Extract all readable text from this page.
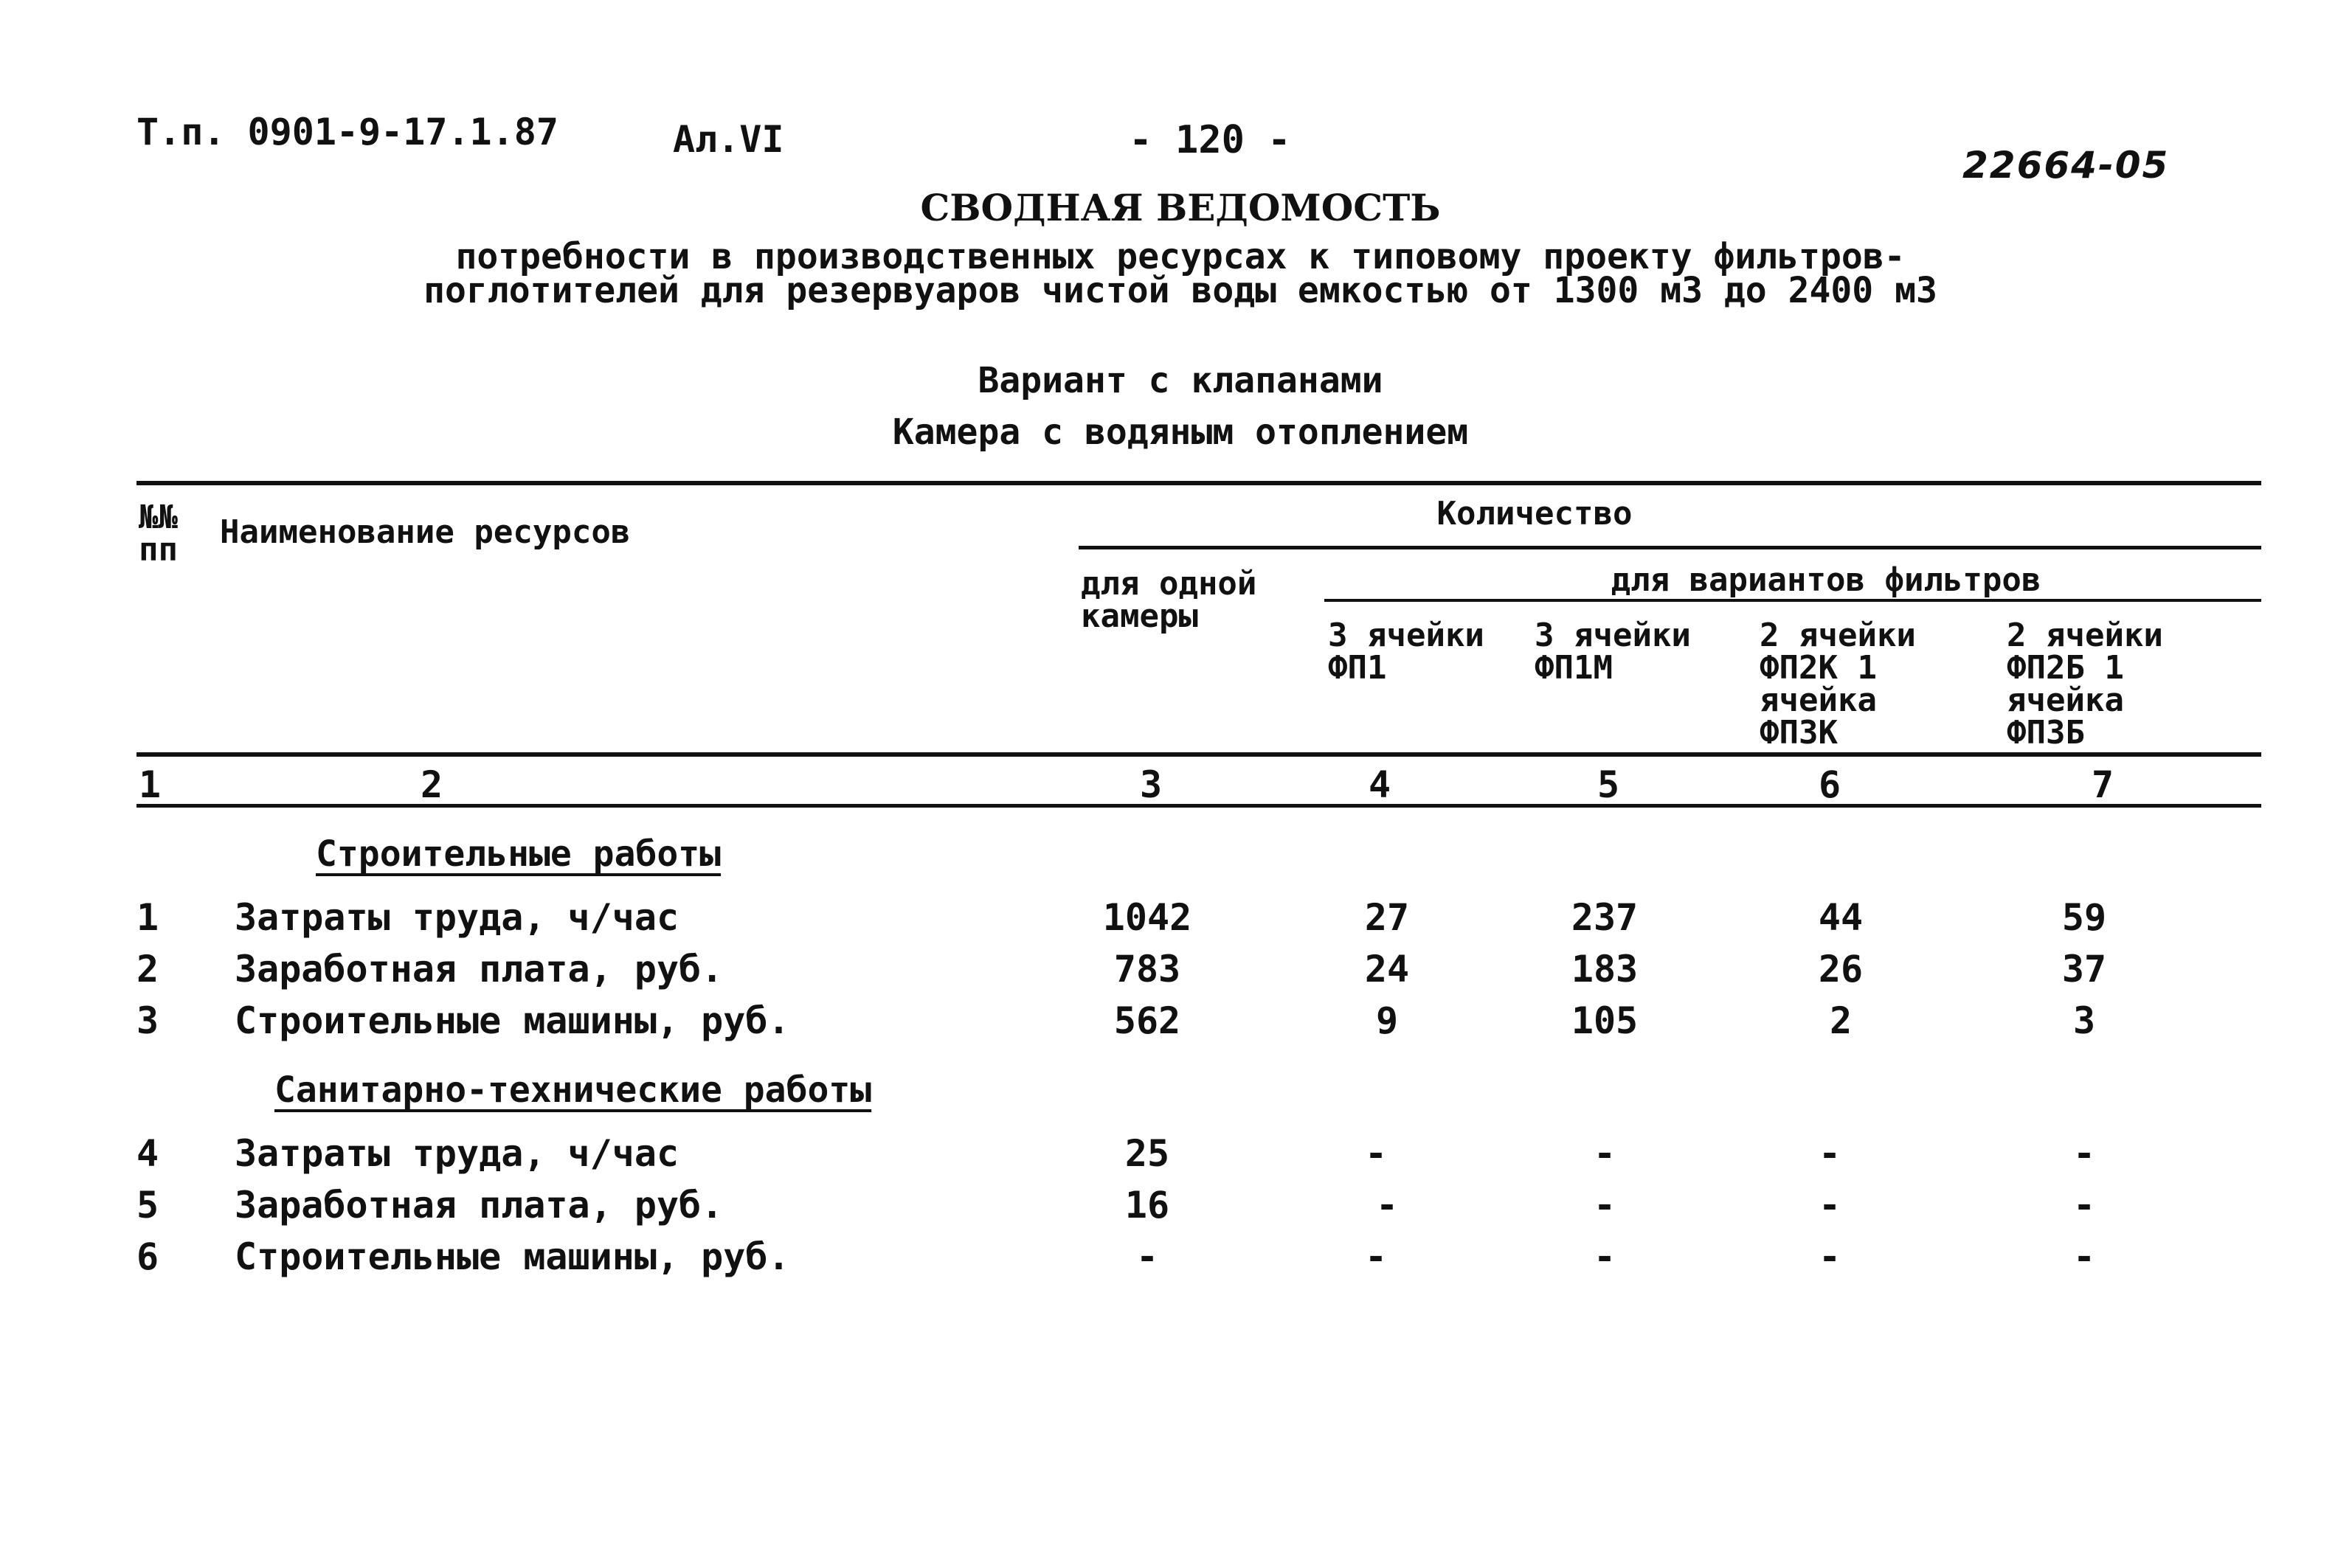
Т.п. 0901-9-17.1.87	Ал.VI	- 120 -
22664-05
СВОДНАЯ ВЕДОМОСТЬ
потребности в производственных ресурсах к типовому проекту фильтров-поглотителей для резервуаров чистой воды емкостью от 1300 м3 до 2400 м3
Вариант с клапанами
Камера с водяным отоплением
№№ пп	Наименование ресурсов	Количество
для одной камеры
для вариантов фильтров
3 ячейки ФП1
3 ячейки ФП1М
2 ячейки ФП2К 1 ячейка ФП3К
2 ячейки ФП2Б 1 ячейка ФП3Б
1	2	3	4	5	6	7
Строительные работы
1 Затраты труда, ч/час	1042	27	237	44	59
2 Заработная плата, руб.	783	24	183	26	37
3 Строительные машины, руб.	562	9	105	2	3
Санитарно-технические работы
4 Затраты труда, ч/час	25	-	-	-	-
5 Заработная плата, руб.	16	-	-	-	-
6 Строительные машины, руб.	-	-	-	-	-
